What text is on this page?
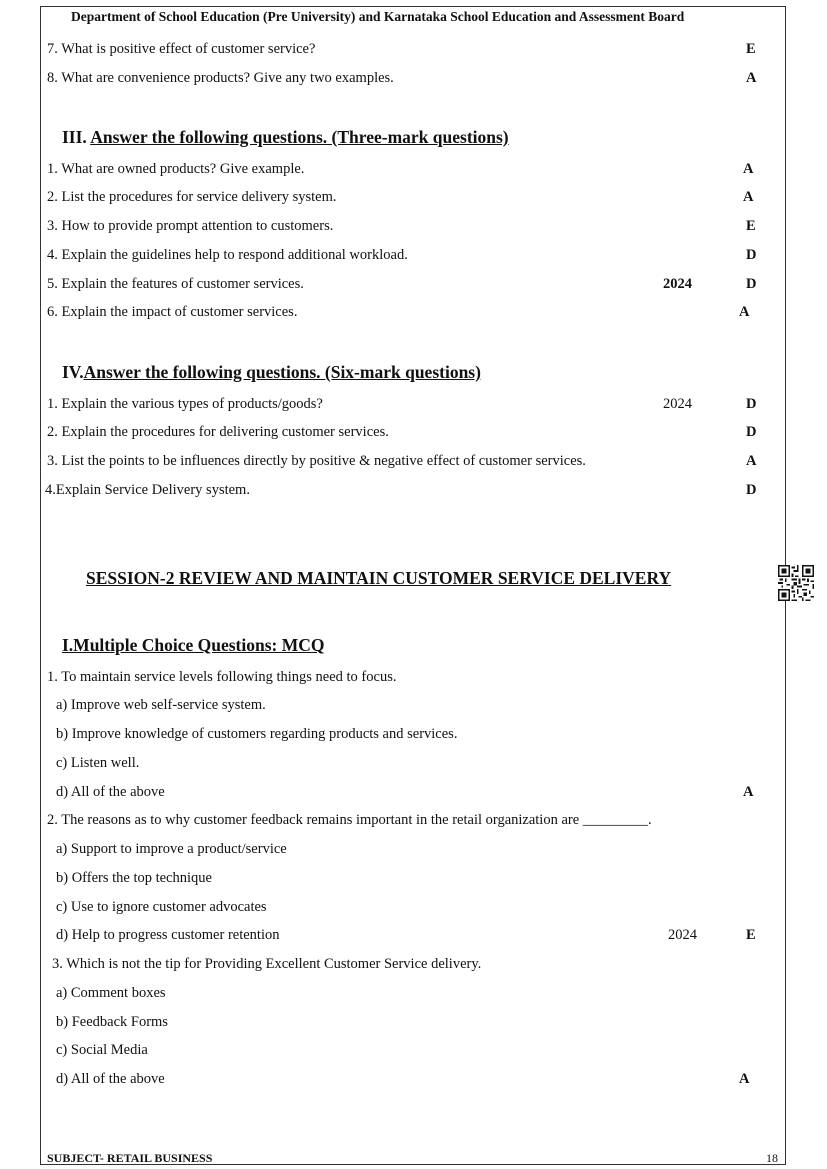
Department of School Education (Pre University) and Karnataka School Education and Assessment Board
7. What is positive effect of customer service?	E
8. What are convenience products? Give any two examples.	A
III. Answer the following questions. (Three-mark questions)
1. What are owned products? Give example.	A
2. List the procedures for service delivery system.	A
3. How to provide prompt attention to customers.	E
4. Explain the guidelines help to respond additional workload.	D
5. Explain the features of customer services.	2024	D
6. Explain the impact of customer services.	A
IV.Answer the following questions. (Six-mark questions)
1. Explain the various types of products/goods?	2024	D
2. Explain the procedures for delivering customer services.	D
3. List the points to be influences directly by positive & negative effect of customer services.	A
4.Explain Service Delivery system.	D
SESSION-2 REVIEW AND MAINTAIN CUSTOMER SERVICE DELIVERY
I.Multiple Choice Questions: MCQ
1. To maintain service levels following things need to focus.
a) Improve web self-service system.
b) Improve knowledge of customers regarding products and services.
c) Listen well.
d) All of the above	A
2. The reasons as to why customer feedback remains important in the retail organization are _________.
a) Support to improve a product/service
b) Offers the top technique
c) Use to ignore customer advocates
d) Help to progress customer retention	2024	E
3. Which is not the tip for Providing Excellent Customer Service delivery.
a) Comment boxes
b) Feedback Forms
c) Social Media
d) All of the above	A
SUBJECT- RETAIL BUSINESS	18
